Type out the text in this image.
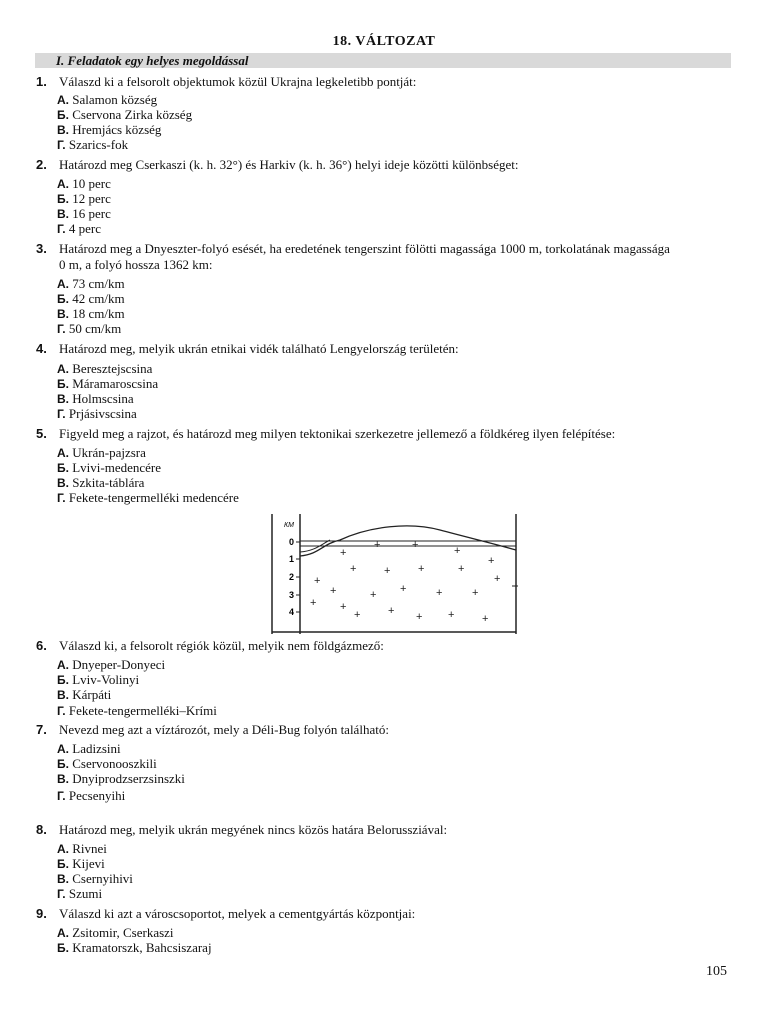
18. VÁLTOZAT
I. Feladatok egy helyes megoldással
1. Válaszd ki a felsorolt objektumok közül Ukrajna legkeletibb pontját:
А. Salamon község
Б. Cservona Zirka község
В. Hremjács község
Г. Szarics-fok
2. Határozd meg Cserkaszi (k. h. 32°) és Harkiv (k. h. 36°) helyi ideje közötti különbséget:
А. 10 perc
Б. 12 perc
В. 16 perc
Г. 4 perc
3. Határozd meg a Dnyeszter-folyó esését, ha eredetének tengerszint fölötti magassága 1000 m, torkolatának magassága
0 m, a folyó hossza 1362 km:
А. 73 cm/km
Б. 42 cm/km
В. 18 cm/km
Г. 50 cm/km
4. Határozd meg, melyik ukrán etnikai vidék található Lengyelország területén:
А. Beresztejscsina
Б. Máramaroscsina
В. Holmscsina
Г. Prjásivscsina
5. Figyeld meg a rajzot, és határozd meg milyen tektonikai szerkezetre jellemező a földkéreg ilyen felépítése:
А. Ukrán-pajzsra
Б. Lvivi-medencére
В. Szkita-táblára
Г. Fekete-tengermelléki medencére
КМ
0
1
2
3
4
+
+	+	+
+
+
+	+	+	+
+
+	+ +	+	+
+ +
+	+ + +	+
6. Válaszd ki, a felsorolt régiók közül, melyik nem földgázmező:
А. Dnyeper-Donyeci
Б. Lviv-Volinyi
В. Kárpáti
Г. Fekete-tengermelléki–Krími
7. Nevezd meg azt a víztározót, mely a Déli-Bug folyón található:
А. Ladizsini
Б. Cservonooszkili
В. Dnyiprodzserzsinszki
Г. Pecsenyihi
8. Határozd meg, melyik ukrán megyének nincs közös határa Belorussziával:
А. Rivnei
Б. Kijevi
В. Csernyihivi
Г. Szumi
9. Válaszd ki azt a városcsoportot, melyek a cementgyártás központjai:
А. Zsitomir, Cserkaszi
Б. Kramatorszk, Bahcsiszaraj
105
